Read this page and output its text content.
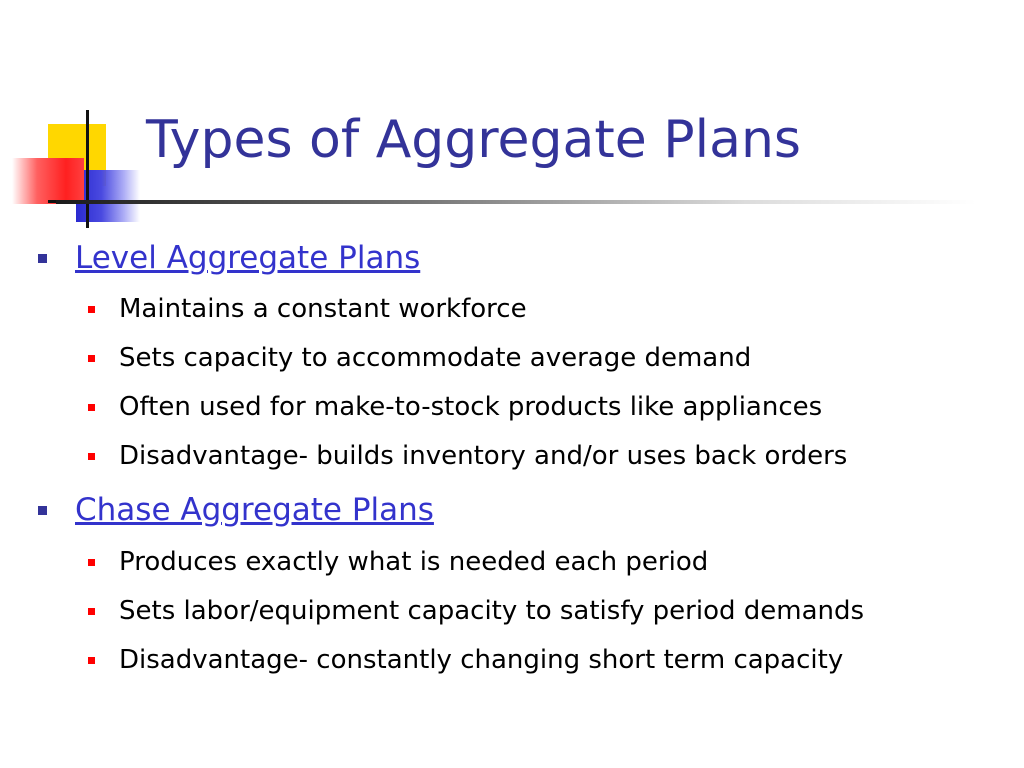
Types of Aggregate Plans
Level Aggregate Plans
Maintains a constant workforce
Sets capacity to accommodate average demand
Often used for make-to-stock products like appliances
Disadvantage- builds inventory and/or uses back orders
Chase Aggregate Plans
Produces exactly what is needed each period
Sets labor/equipment capacity to satisfy period demands
Disadvantage- constantly changing short term capacity
